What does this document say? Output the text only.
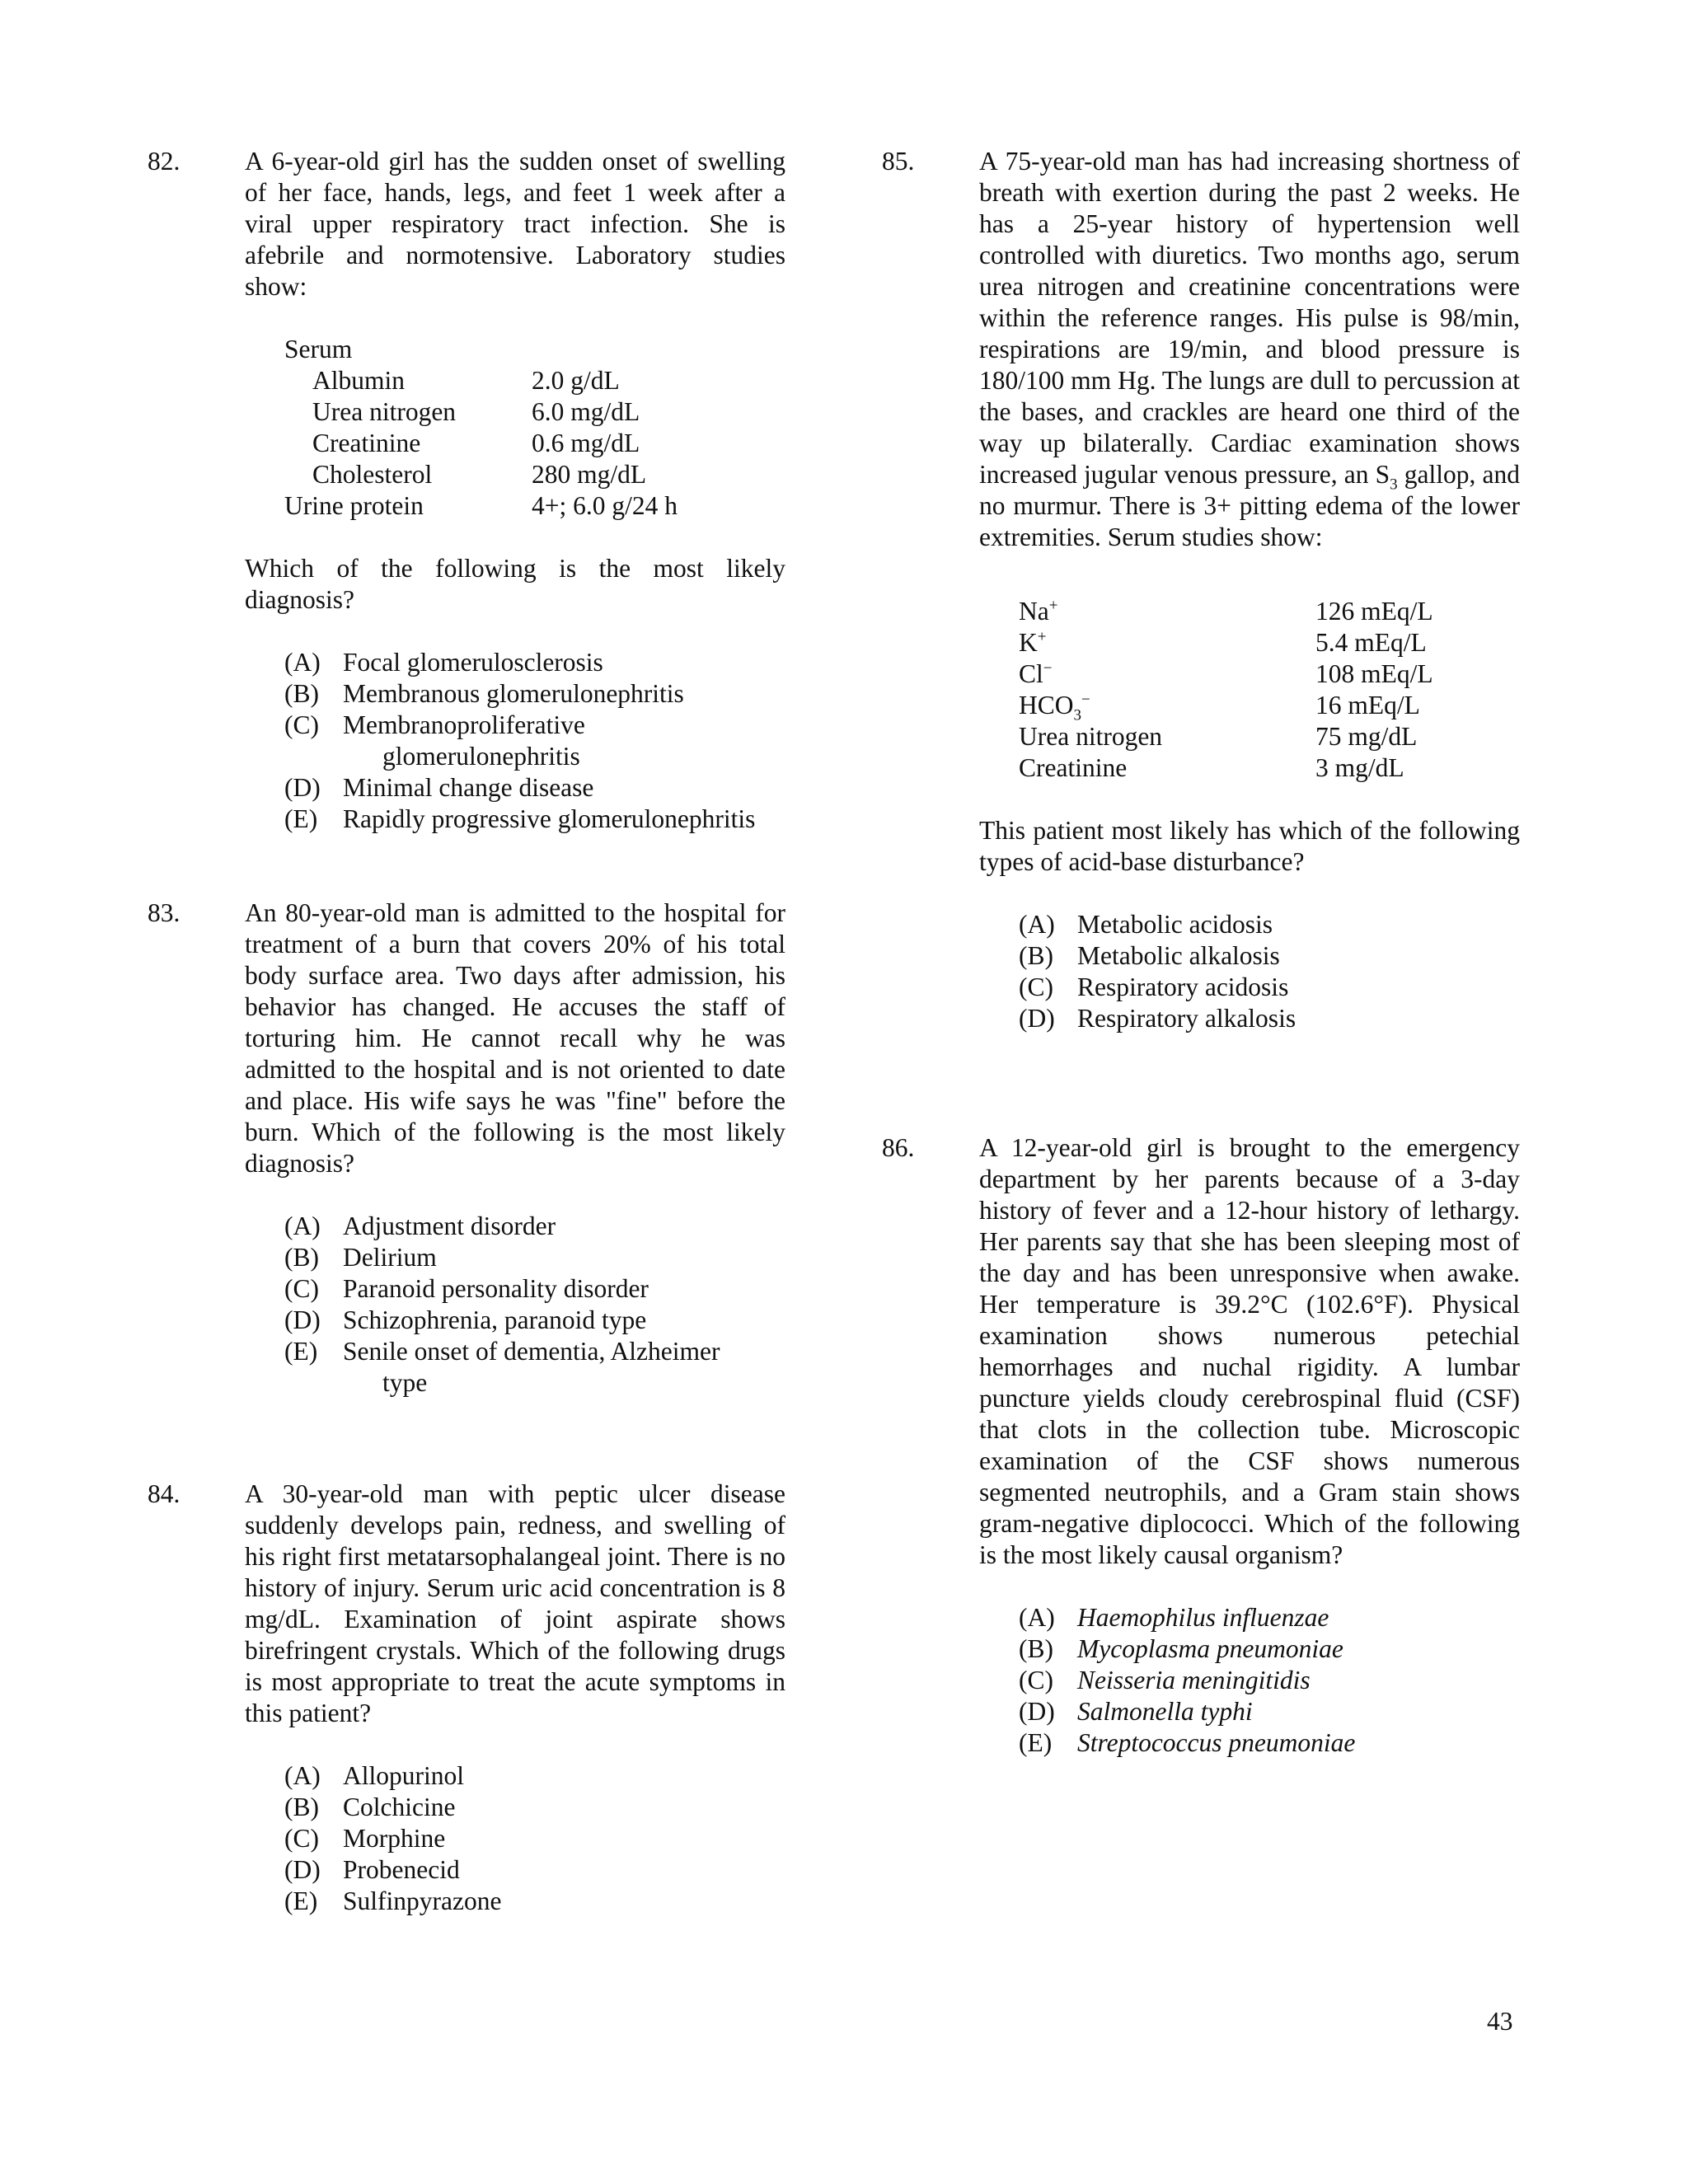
82. A 6-year-old girl has the sudden onset of swelling of her face, hands, legs, and feet 1 week after a viral upper respiratory tract infection. She is afebrile and normotensive. Laboratory studies show:
Serum
Albumin	2.0 g/dL
Urea nitrogen	6.0 mg/dL
Creatinine	0.6 mg/dL
Cholesterol	280 mg/dL
Urine protein	4+; 6.0 g/24 h
Which of the following is the most likely diagnosis?
(A) Focal glomerulosclerosis
(B) Membranous glomerulonephritis
(C) Membranoproliferative
glomerulonephritis
(D) Minimal change disease
(E) Rapidly progressive glomerulonephritis
83. An 80-year-old man is admitted to the hospital for treatment of a burn that covers 20% of his total body surface area. Two days after admission, his behavior has changed. He accuses the staff of torturing him. He cannot recall why he was admitted to the hospital and is not oriented to date and place. His wife says he was "fine" before the burn. Which of the following is the most likely diagnosis?
(A) Adjustment disorder
(B) Delirium
(C) Paranoid personality disorder
(D) Schizophrenia, paranoid type
(E) Senile onset of dementia, Alzheimer
type
84. A 30-year-old man with peptic ulcer disease suddenly develops pain, redness, and swelling of his right first metatarsophalangeal joint. There is no history of injury. Serum uric acid concentration is 8 mg/dL. Examination of joint aspirate shows birefringent crystals. Which of the following drugs is most appropriate to treat the acute symptoms in this patient?
(A) Allopurinol
(B) Colchicine
(C) Morphine
(D) Probenecid
(E) Sulfinpyrazone
85. A 75-year-old man has had increasing shortness of breath with exertion during the past 2 weeks. He has a 25-year history of hypertension well controlled with diuretics. Two months ago, serum urea nitrogen and creatinine concentrations were within the reference ranges. His pulse is 98/min, respirations are 19/min, and blood pressure is 180/100 mm Hg. The lungs are dull to percussion at the bases, and crackles are heard one third of the way up bilaterally. Cardiac examination shows increased jugular venous pressure, an $S_3$ gallop, and no murmur. There is 3+ pitting edema of the lower extremities. Serum studies show:
Na+	126 mEq/L
K+	5.4 mEq/L
Cl−	108 mEq/L
$HCO_3^-$	16 mEq/L
Urea nitrogen	75 mg/dL
Creatinine	3 mg/dL
This patient most likely has which of the following types of acid-base disturbance?
(A) Metabolic acidosis
(B) Metabolic alkalosis
(C) Respiratory acidosis
(D) Respiratory alkalosis
86. A 12-year-old girl is brought to the emergency department by her parents because of a 3-day history of fever and a 12-hour history of lethargy. Her parents say that she has been sleeping most of the day and has been unresponsive when awake. Her temperature is 39.2°C (102.6°F). Physical examination shows numerous petechial hemorrhages and nuchal rigidity. A lumbar puncture yields cloudy cerebrospinal fluid (CSF) that clots in the collection tube. Microscopic examination of the CSF shows numerous segmented neutrophils, and a Gram stain shows gram-negative diplococci. Which of the following is the most likely causal organism?
(A) Haemophilus influenzae
(B) Mycoplasma pneumoniae
(C) Neisseria meningitidis
(D) Salmonella typhi
(E) Streptococcus pneumoniae
43
